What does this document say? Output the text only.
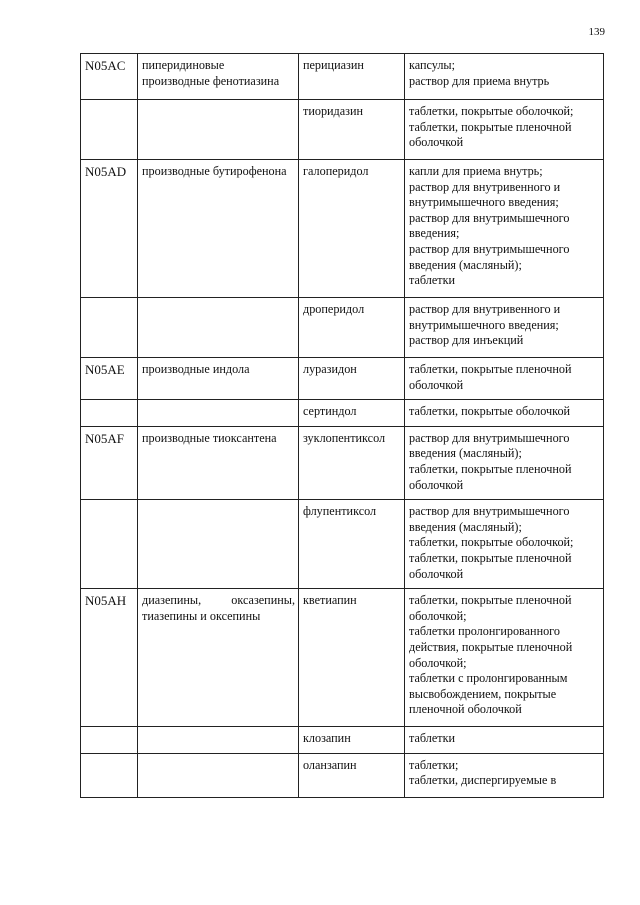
139
N05AC	пиперидиновые производные фенотиазина	перициазин	капсулы;
раствор для приема внутрь

		тиоридазин	таблетки, покрытые оболочкой;
таблетки, покрытые пленочной оболочкой

N05AD	производные бутирофенона	галоперидол	капли для приема внутрь;
раствор для внутривенного и внутримышечного введения;
раствор для внутримышечного введения;
раствор для внутримышечного введения (масляный);
таблетки

		дроперидол	раствор для внутривенного и внутримышечного введения;
раствор для инъекций

N05AE	производные индола	луразидон	таблетки, покрытые пленочной оболочкой

		сертиндол	таблетки, покрытые оболочкой

N05AF	производные тиоксантена	зуклопентиксол	раствор для внутримышечного введения (масляный);
таблетки, покрытые пленочной оболочкой

		флупентиксол	раствор для внутримышечного введения (масляный);
таблетки, покрытые оболочкой;
таблетки, покрытые пленочной оболочкой

N05AH	диазепины, оксазепины, тиазепины и оксепины	кветиапин	таблетки, покрытые пленочной оболочкой;
таблетки пролонгированного действия, покрытые пленочной оболочкой;
таблетки с пролонгированным высвобождением, покрытые пленочной оболочкой

		клозапин	таблетки

		оланзапин	таблетки;
таблетки, диспергируемые в
